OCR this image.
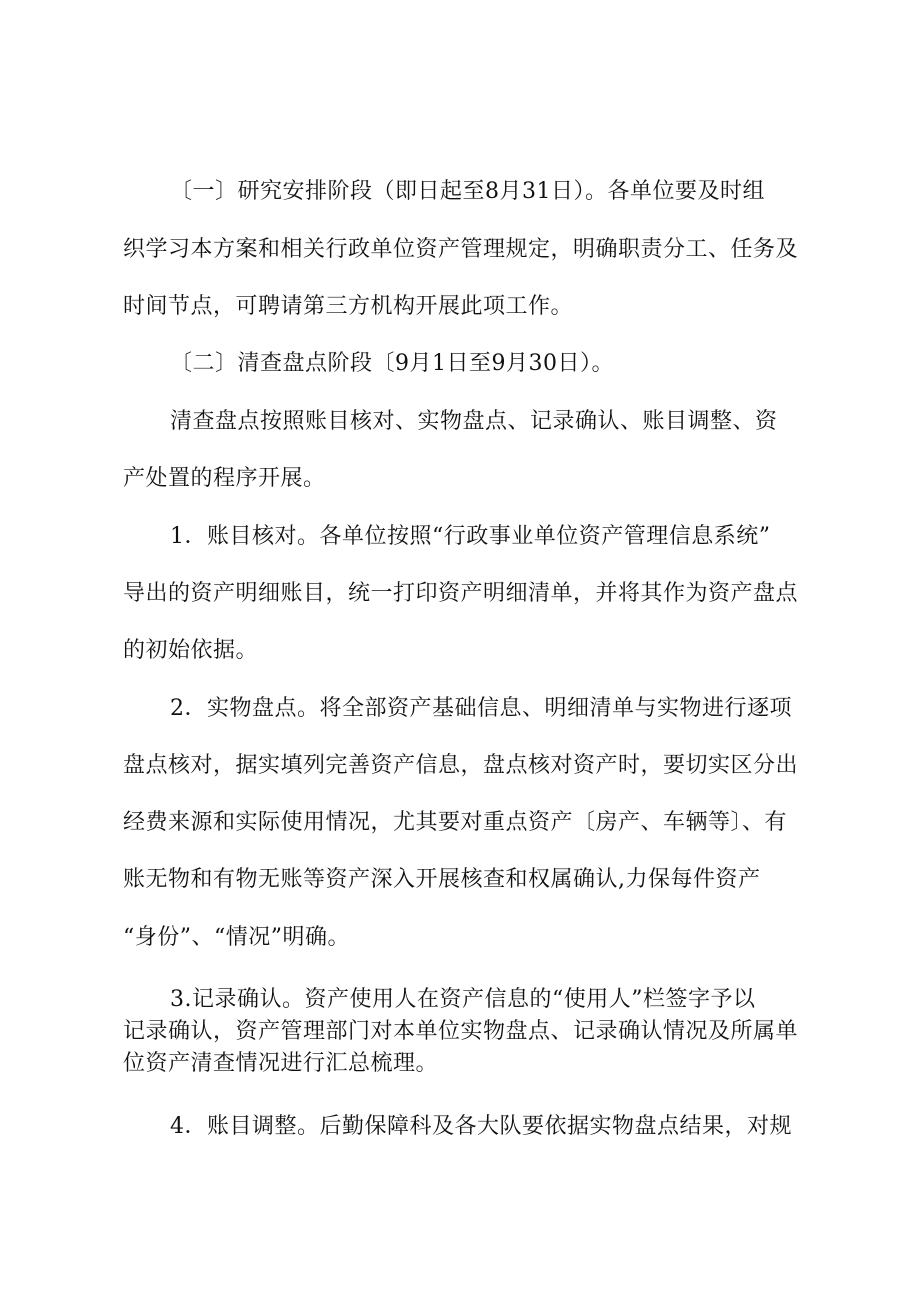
〔一〕研究安排阶段（即日起至8月31日）。各单位要及时组
织学习本方案和相关行政单位资产管理规定，明确职责分工、任务及
时间节点，可聘请第三方机构开展此项工作。
〔二〕清查盘点阶段〔9月1日至9月30日）。
清查盘点按照账目核对、实物盘点、记录确认、账目调整、资
产处置的程序开展。
1．账目核对。各单位按照“行政事业单位资产管理信息系统”
导出的资产明细账目，统一打印资产明细清单，并将其作为资产盘点
的初始依据。
2．实物盘点。将全部资产基础信息、明细清单与实物进行逐项
盘点核对，据实填列完善资产信息，盘点核对资产时，要切实区分出
经费来源和实际使用情况，尤其要对重点资产〔房产、车辆等〕、有
账无物和有物无账等资产深入开展核查和权属确认,力保每件资产
“身份”、“情况”明确。
3.记录确认。资产使用人在资产信息的“使用人”栏签字予以
记录确认，资产管理部门对本单位实物盘点、记录确认情况及所属单
位资产清查情况进行汇总梳理。
4．账目调整。后勤保障科及各大队要依据实物盘点结果，对规
